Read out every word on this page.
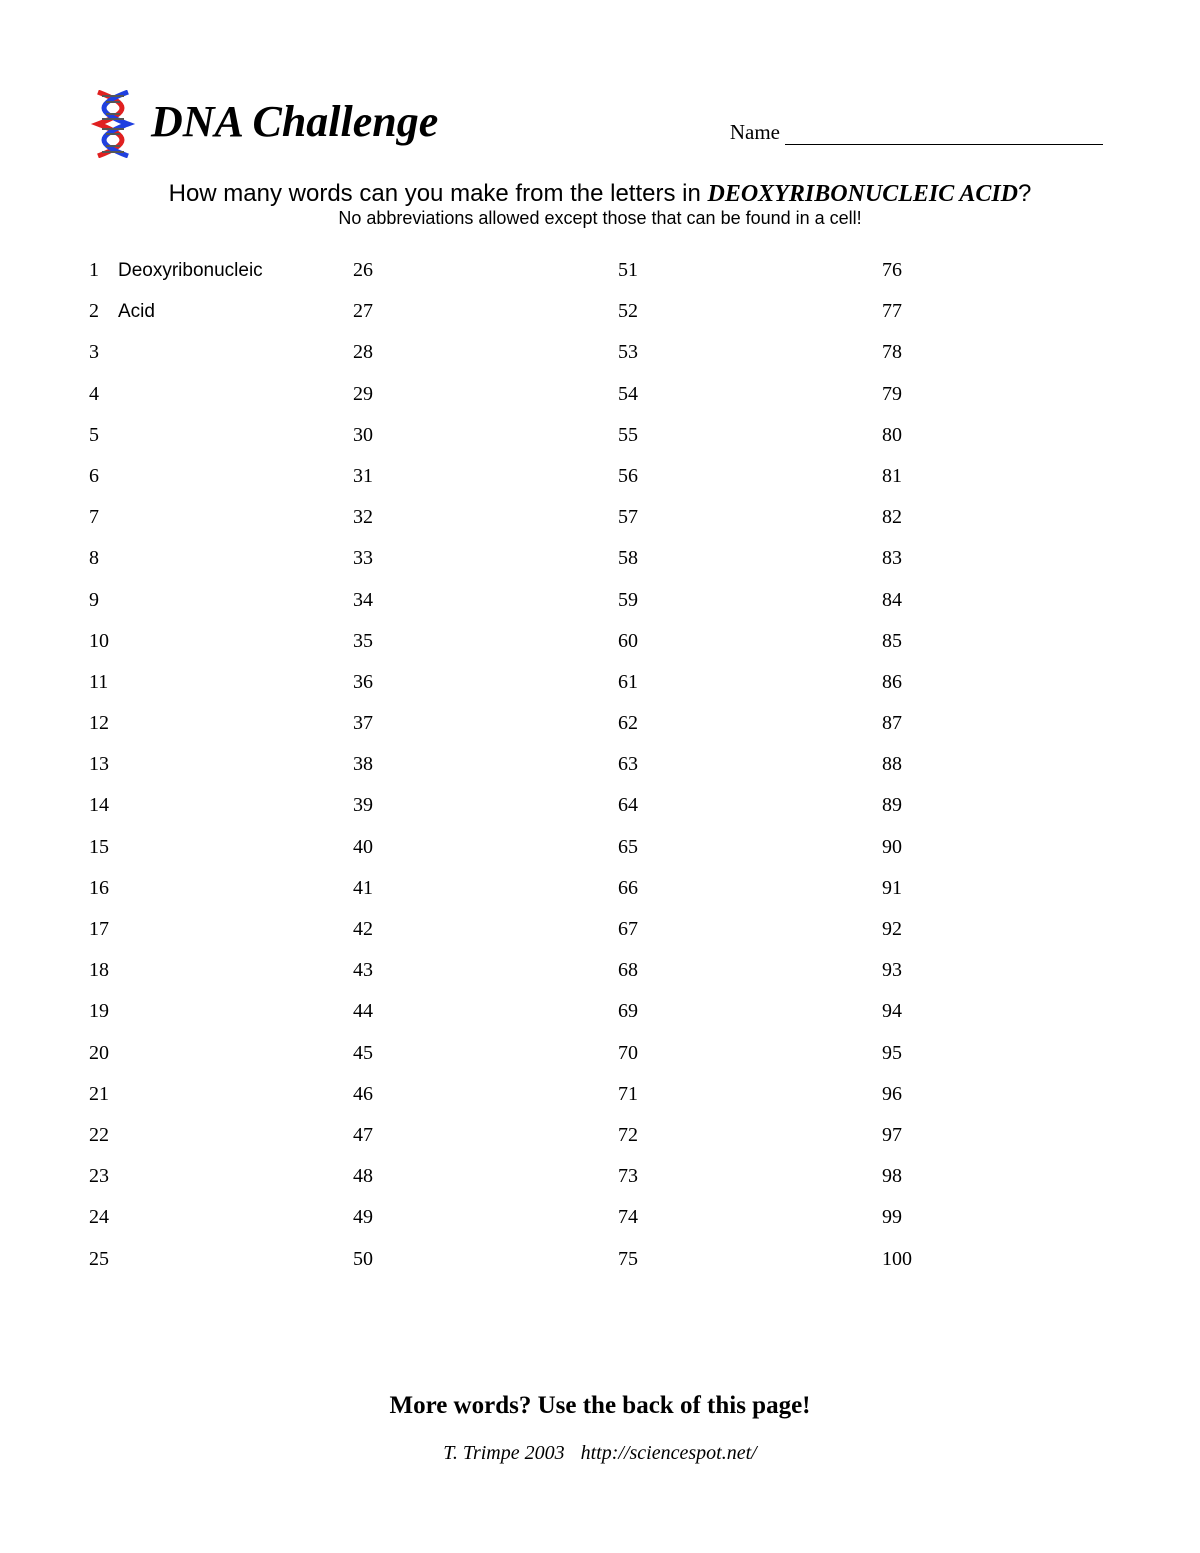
DNA Challenge	Name
How many words can you make from the letters in DEOXYRIBONUCLEIC ACID?
No abbreviations allowed except those that can be found in a cell!
1 Deoxyribonucleic
2 Acid
3
4
5
6
7
8
9
10
11
12
13
14
15
16
17
18
19
20
21
22
23
24
25
26
27
28
29
30
31
32
33
34
35
36
37
38
39
40
41
42
43
44
45
46
47
48
49
50
51
52
53
54
55
56
57
58
59
60
61
62
63
64
65
66
67
68
69
70
71
72
73
74
75
76
77
78
79
80
81
82
83
84
85
86
87
88
89
90
91
92
93
94
95
96
97
98
99
100
More words? Use the back of this page!
T. Trimpe 2003 http://sciencespot.net/
